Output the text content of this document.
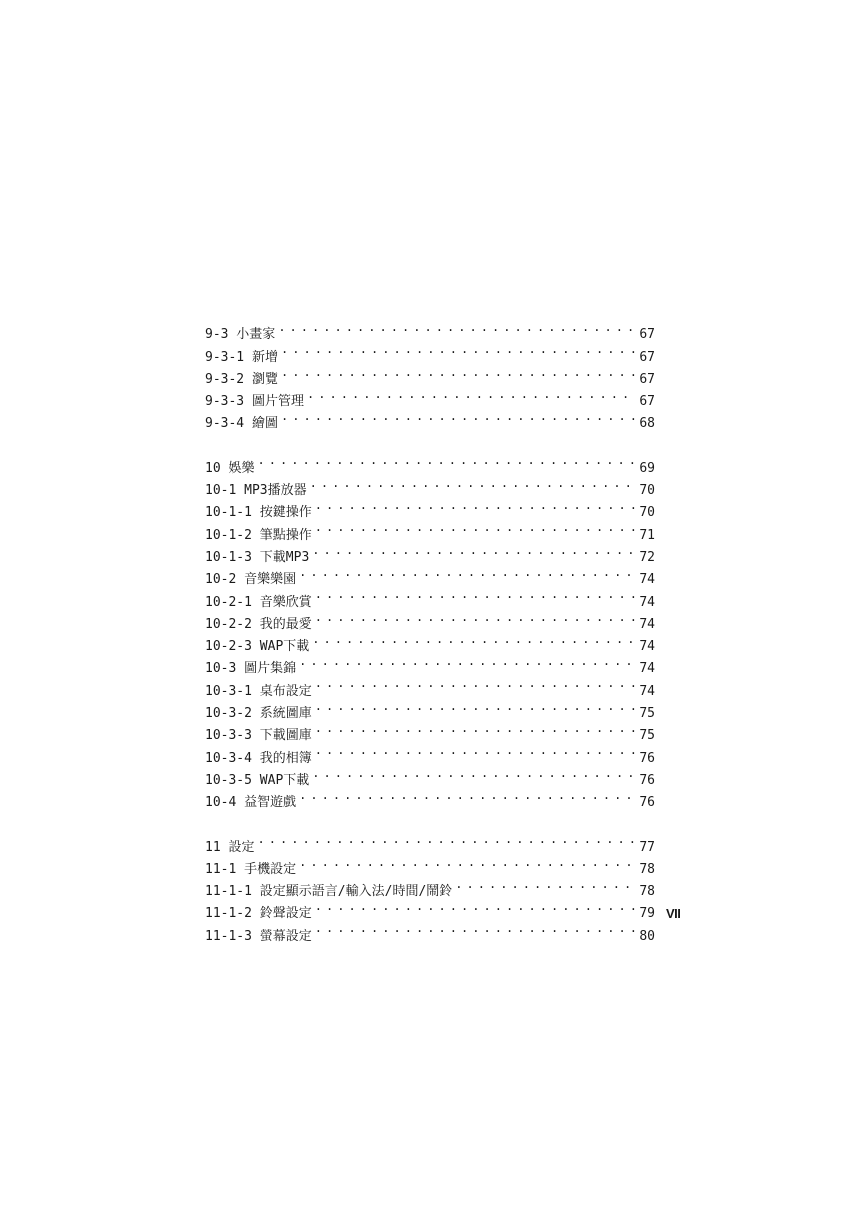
9-3 小畫家 . . .	67
9-3-1 新增 . . .	67
9-3-2 瀏覽 . . .	67
9-3-3 圖片管理 . . .	67
9-3-4 繪圖 . . .	68
10 娛樂 . . .	69
10-1 MP3播放器 . . .	70
10-1-1 按鍵操作 . . .	70
10-1-2 筆點操作 . . .	71
10-1-3 下載MP3 . . .	72
10-2 音樂樂園 . . .	74
10-2-1 音樂欣賞 . . .	74
10-2-2 我的最愛 . . .	74
10-2-3 WAP下載 . . .	74
10-3 圖片集錦 . . .	74
10-3-1 桌布設定 . . .	74
10-3-2 系統圖庫 . . .	75
10-3-3 下載圖庫 . . .	75
10-3-4 我的相簿 . . .	76
10-3-5 WAP下載 . . .	76
10-4 益智遊戲 . . .	76
11 設定 . . .	77
11-1 手機設定 . . .	78
11-1-1 設定顯示語言/輸入法/時間/鬧鈴 . . .	78
11-1-2 鈴聲設定 . . .	79
11-1-3 螢幕設定 . . .	80
VII
